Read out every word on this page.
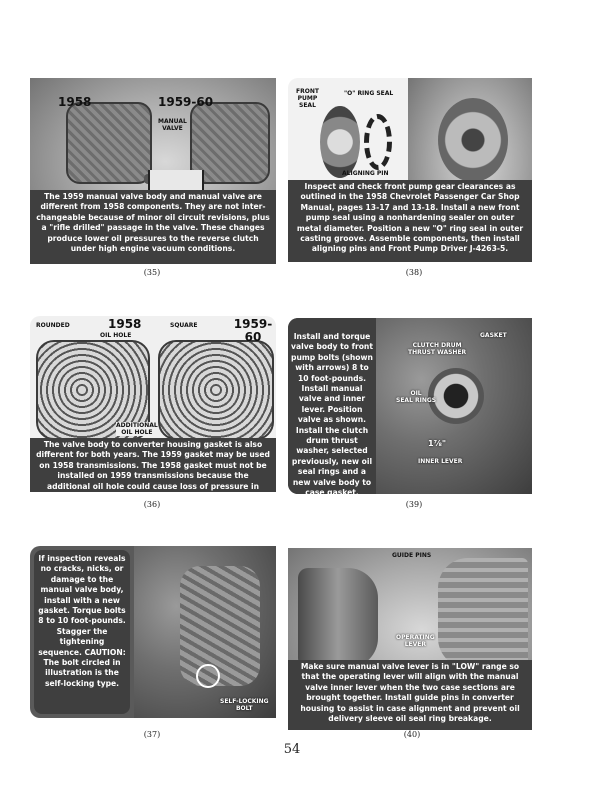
1958	1959-60
MANUAL
VALVE
The 1959 manual valve body and manual valve are different from 1958 components. They are not inter-changeable because of minor oil circuit revisions, plus a "rifle drilled" passage in the valve. These changes produce lower oil pressures to the reverse clutch under high engine vacuum conditions.
(35)
FRONT
PUMP
SEAL
"O" RING SEAL
ALIGNING PIN
Inspect and check front pump gear clearances as outlined in the 1958 Chevrolet Passenger Car Shop Manual, pages 13-17 and 13-18. Install a new front pump seal using a nonhardening sealer on outer metal diameter. Position a new "O" ring seal in outer casting groove. Assemble components, then install aligning pins and Front Pump Driver J-4263-5.
(38)
ROUNDED	1958	SQUARE	1959-60
OIL HOLE
ADDITIONAL
OIL HOLE
The valve body to converter housing gasket is also different for both years. The 1959 gasket may be used on 1958 transmissions. The 1958 gasket must not be installed on 1959 transmissions because the additional oil hole could cause loss of pressure in "REVERSE" range.
(36)
Install and torque valve body to front pump bolts (shown with arrows) 8 to 10 foot-pounds. Install manual valve and inner lever. Position valve as shown. Install the clutch drum thrust washer, selected previously, new oil seal rings and a new valve body to case gasket.
GASKET
CLUTCH DRUM
THRUST WASHER
OIL
SEAL RINGS
1⅞"
INNER LEVER
(39)
If inspection reveals no cracks, nicks, or damage to the manual valve body, install with a new gasket. Torque bolts 8 to 10 foot-pounds. Stagger the tightening sequence. CAUTION: The bolt circled in illustration is the self-locking type.
SELF-LOCKING
BOLT
(37)
GUIDE PINS
OPERATING
LEVER
Make sure manual valve lever is in "LOW" range so that the operating lever will align with the manual valve inner lever when the two case sections are brought together. Install guide pins in converter housing to assist in case alignment and prevent oil delivery sleeve oil seal ring breakage.
(40)
54
